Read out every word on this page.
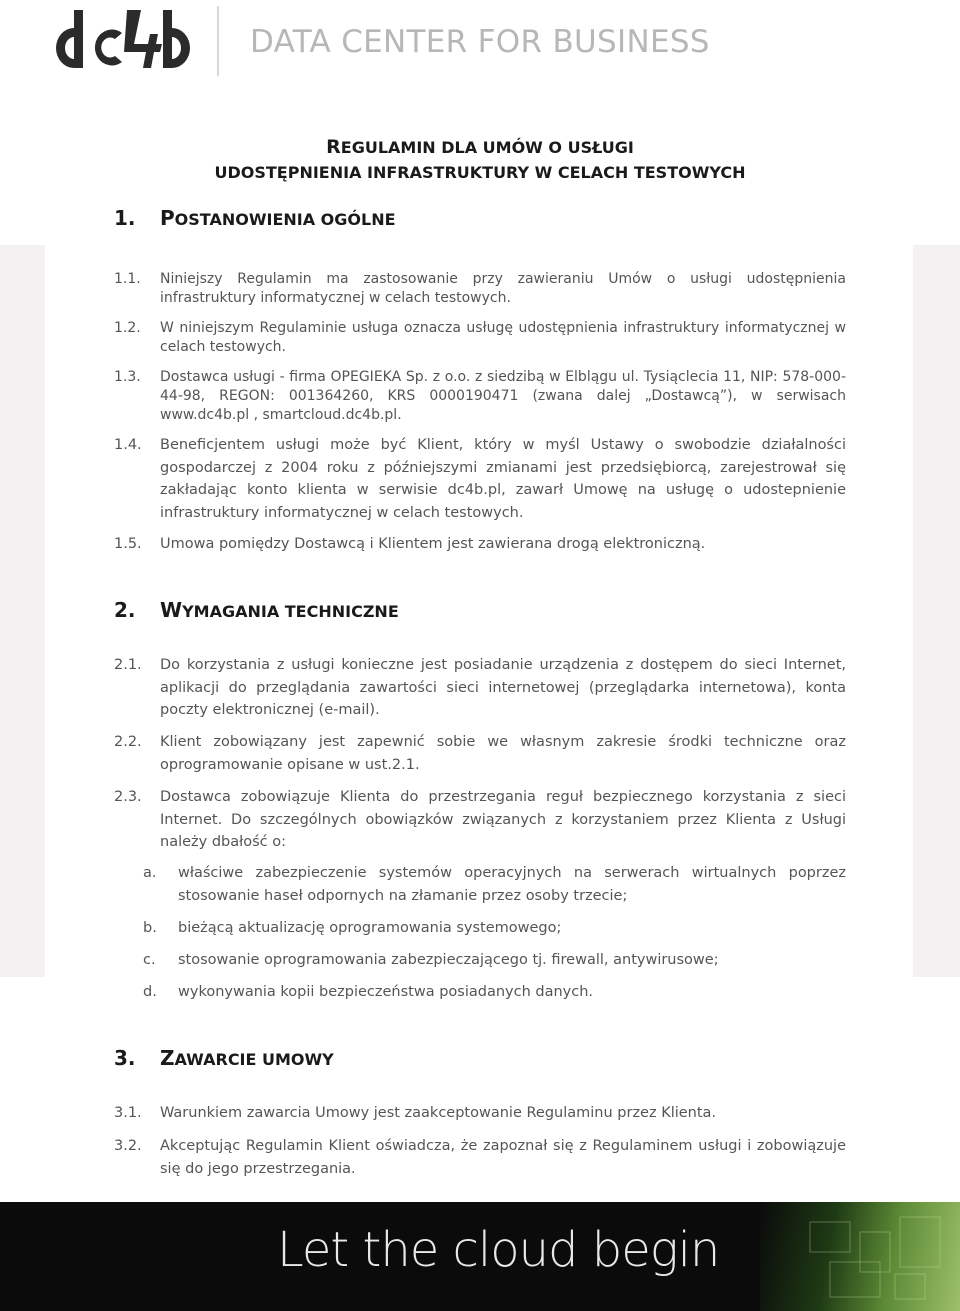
DATA CENTER FOR BUSINESS
REGULAMIN DLA UMÓW O USŁUGI
UDOSTĘPNIENIA INFRASTRUKTURY W CELACH TESTOWYCH
1. POSTANOWIENIA OGÓLNE
1.1. Niniejszy Regulamin ma zastosowanie przy zawieraniu Umów o usługi udostępnienia infrastruktury informatycznej w celach testowych.
1.2. W niniejszym Regulaminie usługa oznacza usługę udostępnienia infrastruktury informatycznej w celach testowych.
1.3. Dostawca usługi - firma OPEGIEKA Sp. z o.o. z siedzibą w Elblągu ul. Tysiąclecia 11, NIP: 578-000-44-98, REGON: 001364260, KRS 0000190471 (zwana dalej „Dostawcą”), w serwisach www.dc4b.pl , smartcloud.dc4b.pl.
1.4. Beneficjentem usługi może być Klient, który w myśl Ustawy o swobodzie działalności gospodarczej z 2004 roku z późniejszymi zmianami jest przedsiębiorcą, zarejestrował się zakładając konto klienta w serwisie dc4b.pl, zawarł Umowę na usługę o udostepnienie infrastruktury informatycznej w celach testowych.
1.5. Umowa pomiędzy Dostawcą i Klientem jest zawierana drogą elektroniczną.
2. WYMAGANIA TECHNICZNE
2.1. Do korzystania z usługi konieczne jest posiadanie urządzenia z dostępem do sieci Internet, aplikacji do przeglądania zawartości sieci internetowej (przeglądarka internetowa), konta poczty elektronicznej (e-mail).
2.2. Klient zobowiązany jest zapewnić sobie we własnym zakresie środki techniczne oraz oprogramowanie opisane w ust.2.1.
2.3. Dostawca zobowiązuje Klienta do przestrzegania reguł bezpiecznego korzystania z sieci Internet. Do szczególnych obowiązków związanych z korzystaniem przez Klienta z Usługi należy dbałość o:
a. właściwe zabezpieczenie systemów operacyjnych na serwerach wirtualnych poprzez stosowanie haseł odpornych na złamanie przez osoby trzecie;
b. bieżącą aktualizację oprogramowania systemowego;
c. stosowanie oprogramowania zabezpieczającego tj. firewall, antywirusowe;
d. wykonywania kopii bezpieczeństwa posiadanych danych.
3. ZAWARCIE UMOWY
3.1. Warunkiem zawarcia Umowy jest zaakceptowanie Regulaminu przez Klienta.
3.2. Akceptując Regulamin Klient oświadcza, że zapoznał się z Regulaminem usługi i zobowiązuje się do jego przestrzegania.
Let the cloud begin
